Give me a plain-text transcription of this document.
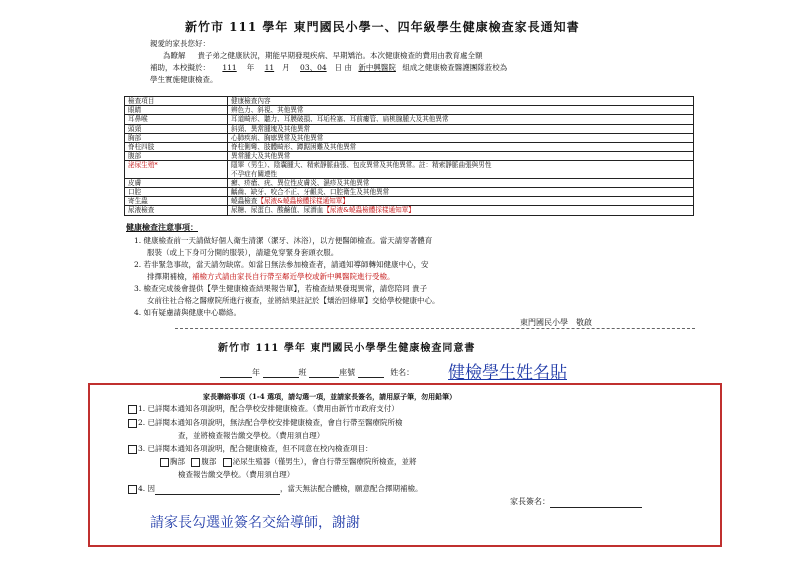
新竹市 111 學年 東門國民小學一、四年級學生健康檢查家長通知書
親愛的家長您好：
為瞭解 貴子弟之健康狀況，期能早期發現疾病、早期矯治。本次健康檢查的費用由教育處全額
補助，本校擬於： 111 年 11 月 03、04 日 由 新中興醫院 組成之健康檢查醫護團隊蒞校為
學生實施健康檢查。
檢查項目	健康檢查內容
眼睛	辨色力、斜視、其他異常
耳鼻喉	耳道畸形、聽力、耳膜破損、耳垢栓塞、耳前瘻管、扁桃腺腫大及其他異常
頭頸	斜頸、異常腫塊及其他異常
胸部	心肺疾病、胸廓異常及其他異常
脊柱四肢	脊柱側彎、肢體畸形、蹲踞困難及其他異常
腹部	異常腫大及其他異常
泌尿生殖*	隱睪（男生）、陰囊腫大、精索靜脈曲張、包皮異常及其他異常。註：精索靜脈曲張與男性
不孕症有關連性

皮膚	癬、疥瘡、疣、異位性皮膚炎、濕疹及其他異常
口腔	齲齒、缺牙、咬合不正、牙齦炎、口腔衛生及其他異常
寄生蟲	蟯蟲檢查【尿液&蟯蟲檢體採樣通知單】
尿液檢查	尿糖、尿蛋白、酸鹼值、尿潛血【尿液&蟯蟲檢體採樣通知單】
健康檢查注意事項：
1. 健康檢查前一天請做好個人衛生清潔（潔牙、沐浴），以方便醫師檢查。當天請穿著體育
服裝（或上下身可分開的服裝），請避免穿緊身套頭衣服。
2. 若非緊急事故，當天請勿缺席。如當日無法參加檢查者，請通知導師轉知健康中心，安
排擇期補檢，補檢方式請由家長自行帶至鄰近學校或新中興醫院進行受檢。
3. 檢查完成後會提供【學生健康檢查結果報告單】，若檢查結果發現異常，請您陪同 貴子
女前往社合格之醫療院所進行複查，並將結果註記於【矯治回條單】交給學校健康中心。
4. 如有疑慮請與健康中心聯絡。
東門國民小學　敬啟
新竹市 111 學年 東門國民小學學生健康檢查同意書
年	班	座號	姓名： 健檢學生姓名貼
家長聯絡事項（1-4 選項，請勾選一項，並請家長簽名，請用原子筆，勿用鉛筆）
1. 已詳閱本通知各項說明，配合學校安排健康檢查。（費用由新竹市政府支付）
2. 已詳閱本通知各項說明，無法配合學校安排健康檢查，會自行帶至醫療院所檢
查，並將檢查報告繳交學校。（費用須自理）
3. 已詳閱本通知各項說明，配合健康檢查，但不同意在校內檢查項目：
胸部 腹部 泌尿生殖器（僅男生），會自行帶至醫療院所檢查，並將
檢查報告繳交學校。（費用須自理）
4. 因	，當天無法配合體檢，願意配合擇期補檢。
家長簽名：
請家長勾選並簽名交給導師，謝謝
